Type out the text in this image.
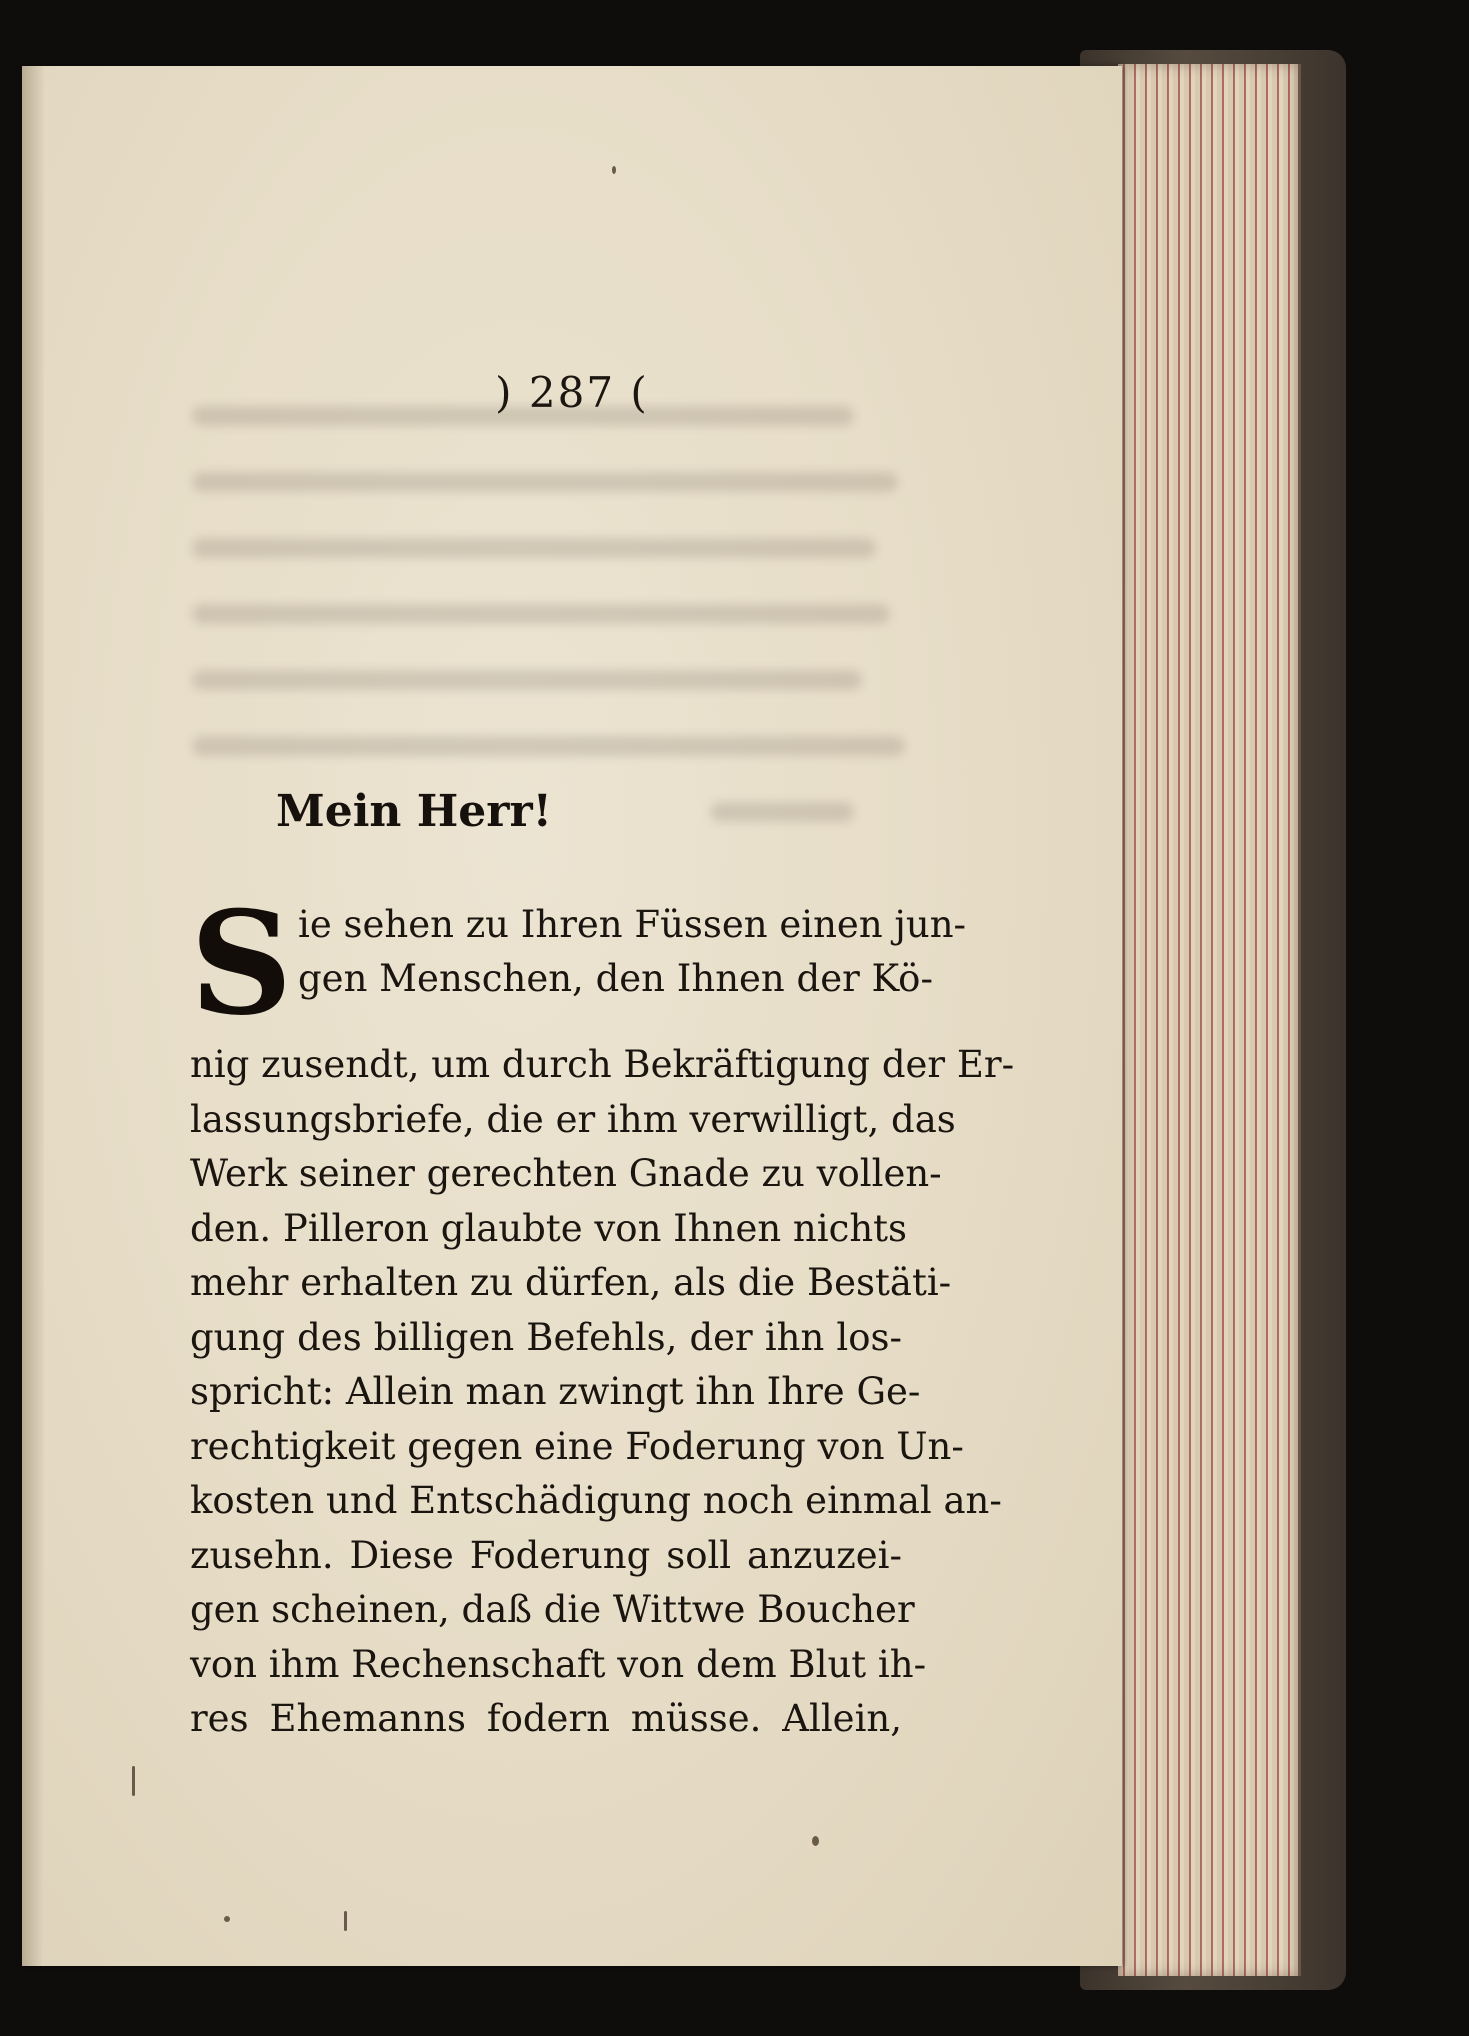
) 287 (
Mein Herr!
S ie sehen zu Ihren Füssen einen jun-
gen Menschen, den Ihnen der Kö-
nig zusendt, um durch Bekräftigung der Er-
lassungsbriefe, die er ihm verwilligt, das
Werk seiner gerechten Gnade zu vollen-
den. Pilleron glaubte von Ihnen nichts
mehr erhalten zu dürfen, als die Bestäti-
gung des billigen Befehls, der ihn los-
spricht: Allein man zwingt ihn Ihre Ge-
rechtigkeit gegen eine Foderung von Un-
kosten und Entschädigung noch einmal an-
zusehn. Diese Foderung soll anzuzei-
gen scheinen, daß die Wittwe Boucher
von ihm Rechenschaft von dem Blut ih-
res Ehemanns fodern müsse. Allein,
